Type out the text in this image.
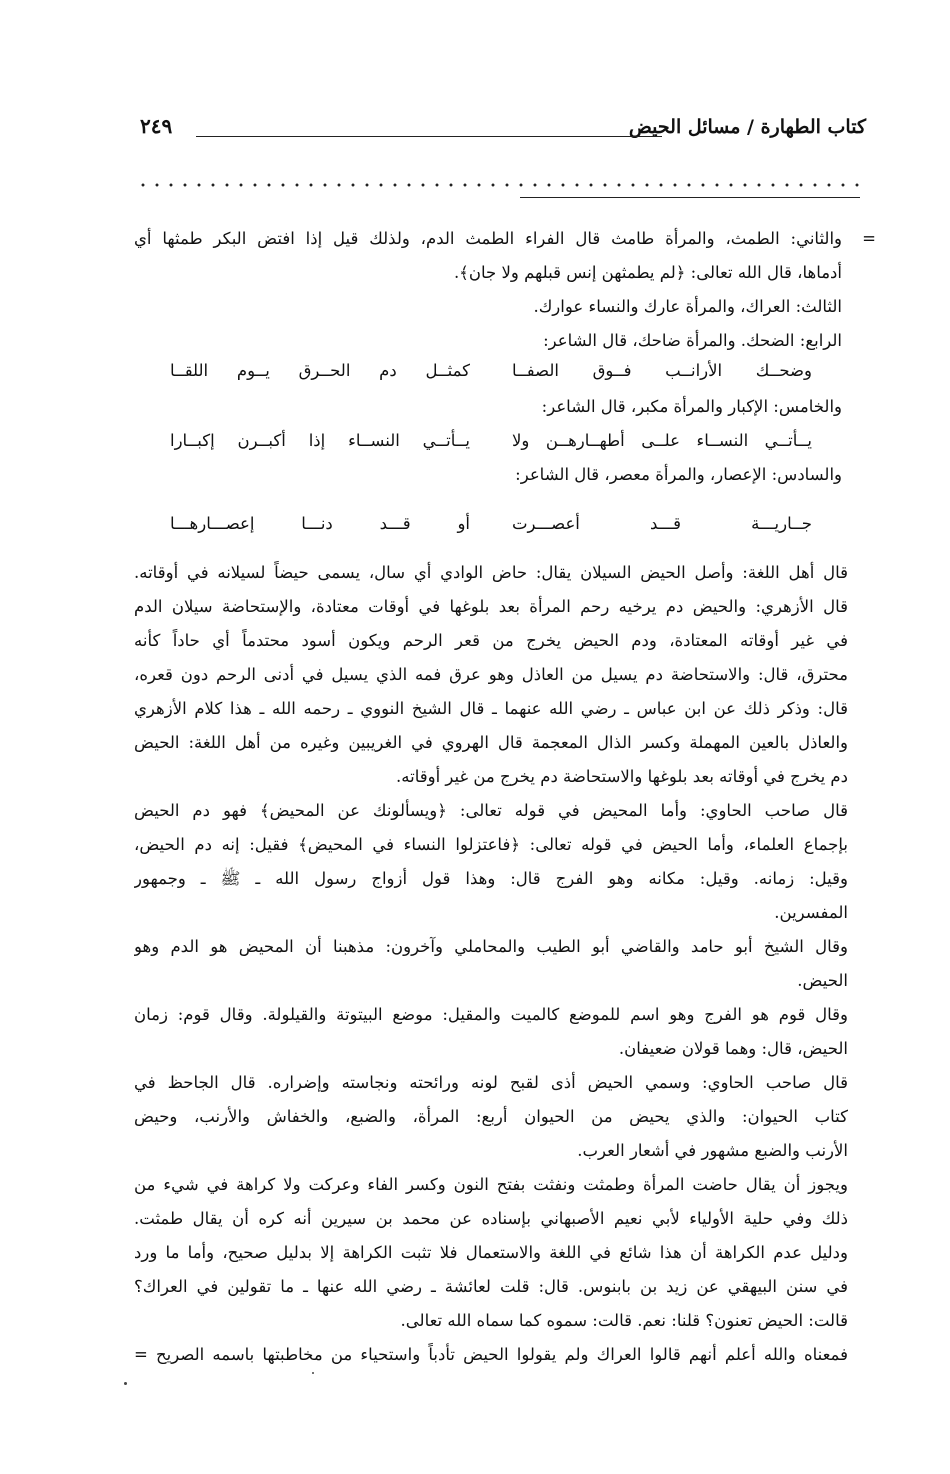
كتاب الطهارة / مسائل الحيض
٢٤٩
والثاني: الطمث، والمرأة طامث قال الفراء الطمث الدم، ولذلك قيل إذا افتض البكر طمثها أي =
أدماها، قال الله تعالى: ﴿لم يطمثهن إنس قبلهم ولا جان﴾.
الثالث: العراك، والمرأة عارك والنساء عوارك.
الرابع: الضحك. والمرأة ضاحك، قال الشاعر:
وضحــك الأرانــب فــوق الصفــا
كمثــل دم الحــرق يــوم اللقــا
والخامس: الإكبار والمرأة مكبر، قال الشاعر:
يــأتــي النســاء علــى أطهــارهــن ولا
يــأتــي النســاء إذا أكبــرن إكبــارا
والسادس: الإعصار، والمرأة معصر، قال الشاعر:
جــاريـــة قـــد أعصـــرت
أو قـــد دنـــا إعصـــارهـــا
قال أهل اللغة: وأصل الحيض السيلان يقال: حاض الوادي أي سال، يسمى حيضاً لسيلانه في أوقاته.
قال الأزهري: والحيض دم يرخيه رحم المرأة بعد بلوغها في أوقات معتادة، والإستحاضة سيلان الدم
في غير أوقاته المعتادة، ودم الحيض يخرج من قعر الرحم ويكون أسود محتدماً أي حاداً كأنه
محترق، قال: والاستحاضة دم يسيل من العاذل وهو عرق فمه الذي يسيل في أدنى الرحم دون قعره،
قال: وذكر ذلك عن ابن عباس ـ رضي الله عنهما ـ قال الشيخ النووي ـ رحمه الله ـ هذا كلام الأزهري
والعاذل بالعين المهملة وكسر الذال المعجمة قال الهروي في الغريبين وغيره من أهل اللغة: الحيض
دم يخرج في أوقاته بعد بلوغها والاستحاضة دم يخرج من غير أوقاته.
قال صاحب الحاوي: وأما المحيض في قوله تعالى: ﴿ويسألونك عن المحيض﴾ فهو دم الحيض
بإجماع العلماء، وأما الحيض في قوله تعالى: ﴿فاعتزلوا النساء في المحيض﴾ فقيل: إنه دم الحيض،
وقيل: زمانه. وقيل: مكانه وهو الفرج قال: وهذا قول أزواج رسول الله ـ ﷺ ـ وجمهور
المفسرين.
وقال الشيخ أبو حامد والقاضي أبو الطيب والمحاملي وآخرون: مذهبنا أن المحيض هو الدم وهو
الحيض.
وقال قوم هو الفرج وهو اسم للموضع كالميت والمقيل: موضع البيتوتة والقيلولة. وقال قوم: زمان
الحيض، قال: وهما قولان ضعيفان.
قال صاحب الحاوي: وسمي الحيض أذى لقبح لونه ورائحته ونجاسته وإضراره. قال الجاحظ في
كتاب الحيوان: والذي يحيض من الحيوان أربع: المرأة، والضبع، والخفاش والأرنب، وحيض
الأرنب والضبع مشهور في أشعار العرب.
ويجوز أن يقال حاضت المرأة وطمثت ونفثت بفتح النون وكسر الفاء وعركت ولا كراهة في شيء من
ذلك وفي حلية الأولياء لأبي نعيم الأصبهاني بإسناده عن محمد بن سيرين أنه كره أن يقال طمثت.
ودليل عدم الكراهة أن هذا شائع في اللغة والاستعمال فلا تثبت الكراهة إلا بدليل صحيح، وأما ما ورد
في سنن البيهقي عن زيد بن بابنوس. قال: قلت لعائشة ـ رضي الله عنها ـ ما تقولين في العراك؟
قالت: الحيض تعنون؟ قلنا: نعم. قالت: سموه كما سماه الله تعالى.
فمعناه والله أعلم أنهم قالوا العراك ولم يقولوا الحيض تأدباً واستحياء من مخاطبتها باسمه الصريح =
